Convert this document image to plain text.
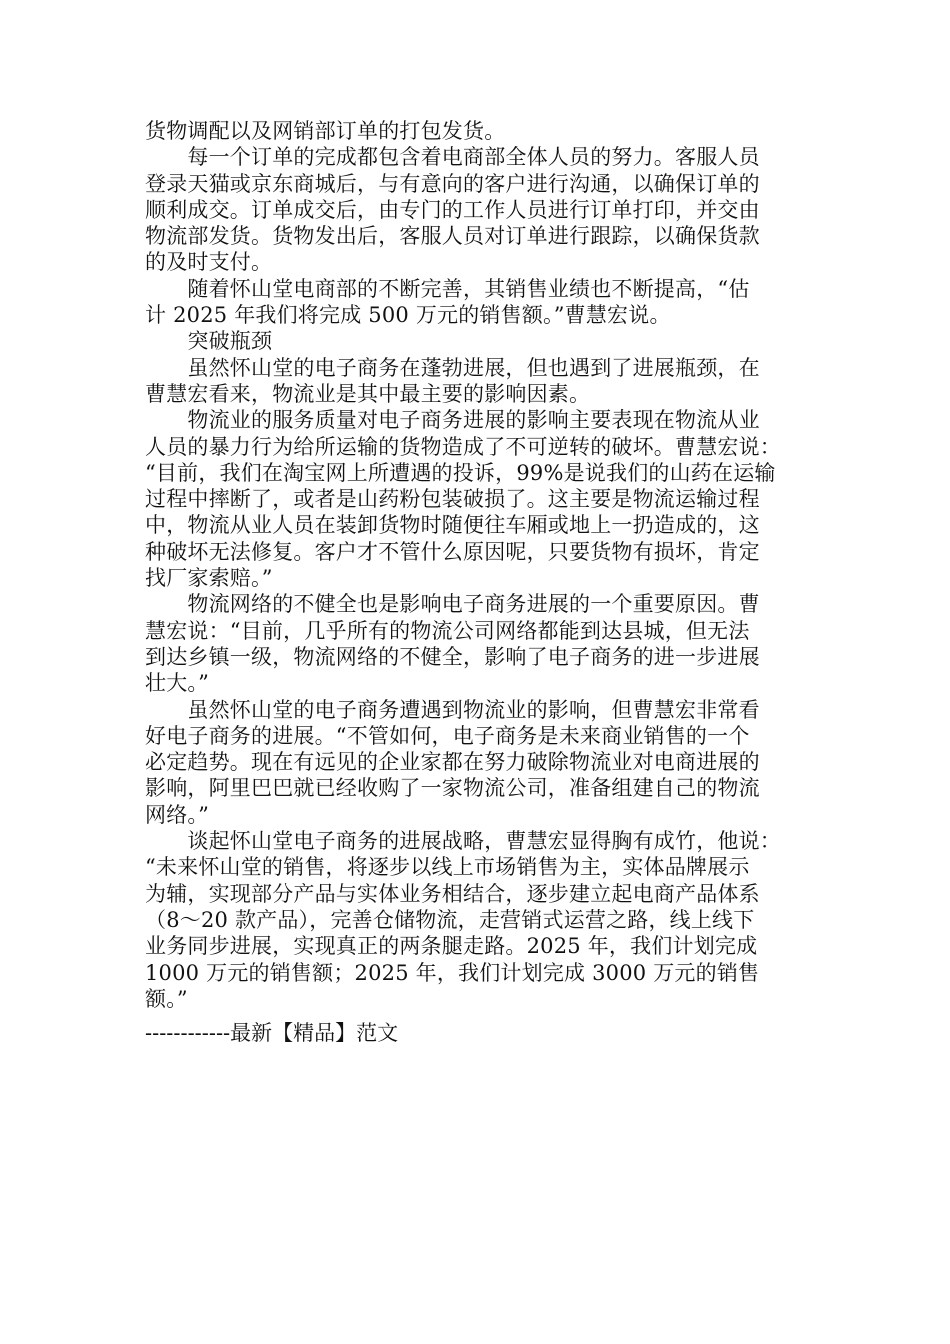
货物调配以及网销部订单的打包发货。
　　每一个订单的完成都包含着电商部全体人员的努力。客服人员
登录天猫或京东商城后，与有意向的客户进行沟通，以确保订单的
顺利成交。订单成交后，由专门的工作人员进行订单打印，并交由
物流部发货。货物发出后，客服人员对订单进行跟踪，以确保货款
的及时支付。
　　随着怀山堂电商部的不断完善，其销售业绩也不断提高，“估
计 2025 年我们将完成 500 万元的销售额。”曹慧宏说。
　　突破瓶颈
　　虽然怀山堂的电子商务在蓬勃进展，但也遇到了进展瓶颈，在
曹慧宏看来，物流业是其中最主要的影响因素。
　　物流业的服务质量对电子商务进展的影响主要表现在物流从业
人员的暴力行为给所运输的货物造成了不可逆转的破坏。曹慧宏说：
“目前，我们在淘宝网上所遭遇的投诉，99%是说我们的山药在运输
过程中摔断了，或者是山药粉包装破损了。这主要是物流运输过程
中，物流从业人员在装卸货物时随便往车厢或地上一扔造成的，这
种破坏无法修复。客户才不管什么原因呢，只要货物有损坏，肯定
找厂家索赔。”
　　物流网络的不健全也是影响电子商务进展的一个重要原因。曹
慧宏说：“目前，几乎所有的物流公司网络都能到达县城，但无法
到达乡镇一级，物流网络的不健全，影响了电子商务的进一步进展
壮大。”
　　虽然怀山堂的电子商务遭遇到物流业的影响，但曹慧宏非常看
好电子商务的进展。“不管如何，电子商务是未来商业销售的一个
必定趋势。现在有远见的企业家都在努力破除物流业对电商进展的
影响，阿里巴巴就已经收购了一家物流公司，准备组建自己的物流
网络。”
　　谈起怀山堂电子商务的进展战略，曹慧宏显得胸有成竹，他说：
“未来怀山堂的销售，将逐步以线上市场销售为主，实体品牌展示
为辅，实现部分产品与实体业务相结合，逐步建立起电商产品体系
（8～20 款产品），完善仓储物流，走营销式运营之路，线上线下
业务同步进展，实现真正的两条腿走路。2025 年，我们计划完成
1000 万元的销售额；2025 年，我们计划完成 3000 万元的销售
额。”
------------最新【精品】范文
